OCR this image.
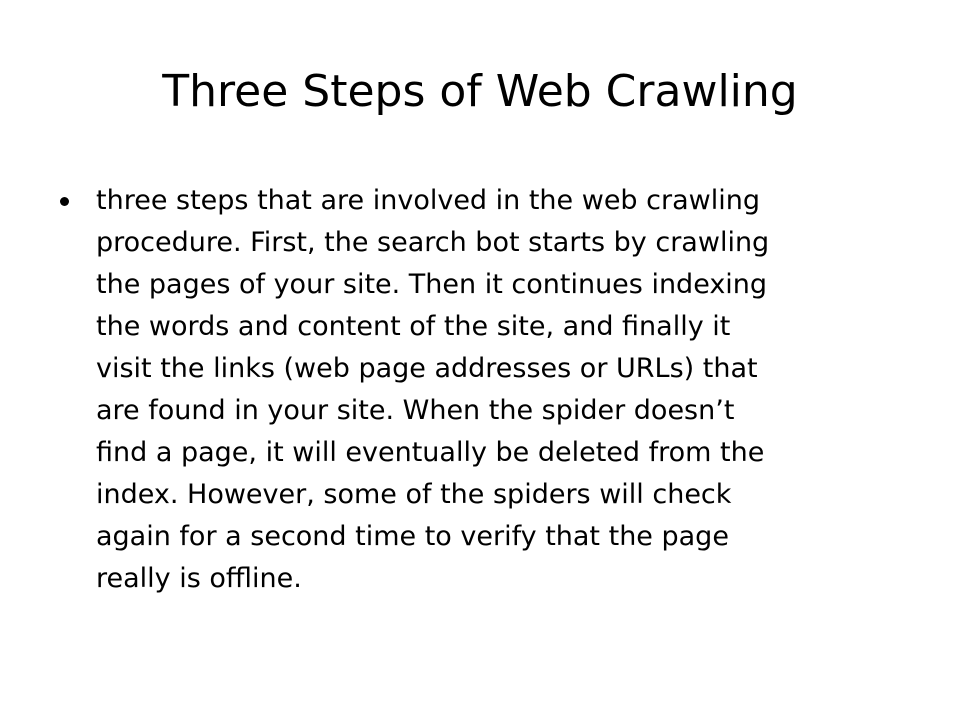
Three Steps of Web Crawling
three steps that are involved in the web crawling
procedure. First, the search bot starts by crawling
the pages of your site. Then it continues indexing
the words and content of the site, and finally it
visit the links (web page addresses or URLs) that
are found in your site. When the spider doesn’t
find a page, it will eventually be deleted from the
index. However, some of the spiders will check
again for a second time to verify that the page
really is offline.
